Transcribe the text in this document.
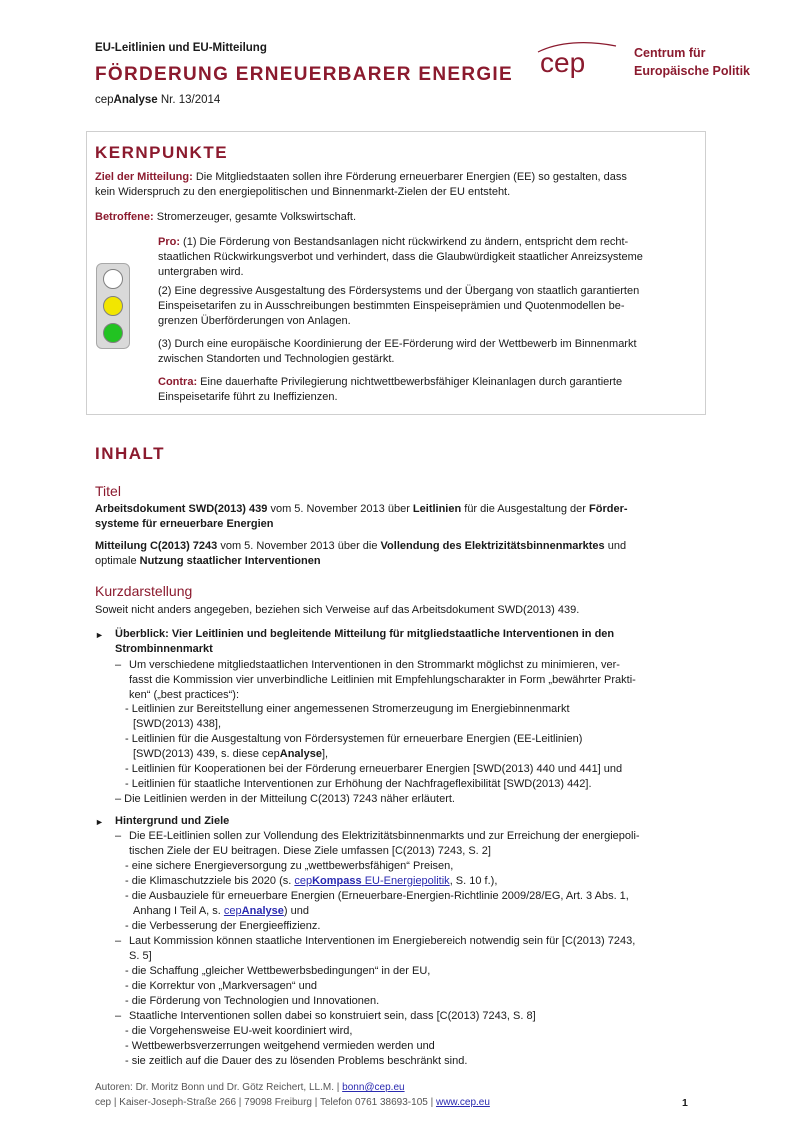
EU-Leitlinien und EU-Mitteilung
FÖRDERUNG ERNEUERBARER ENERGIE
cepAnalyse Nr. 13/2014
cep	Centrum für
Europäische Politik
KERNPUNKTE
Ziel der Mitteilung: Die Mitgliedstaaten sollen ihre Förderung erneuerbarer Energien (EE) so gestalten, dass
kein Widerspruch zu den energiepolitischen und Binnenmarkt-Zielen der EU entsteht.
Betroffene: Stromerzeuger, gesamte Volkswirtschaft.
Pro: (1) Die Förderung von Bestandsanlagen nicht rückwirkend zu ändern, entspricht dem recht-
staatlichen Rückwirkungsverbot und verhindert, dass die Glaubwürdigkeit staatlicher Anreizsysteme
untergraben wird.
(2) Eine degressive Ausgestaltung des Fördersystems und der Übergang von staatlich garantierten
Einspeisetarifen zu in Ausschreibungen bestimmten Einspeiseprämien und Quotenmodellen be-
grenzen Überförderungen von Anlagen.
(3) Durch eine europäische Koordinierung der EE-Förderung wird der Wettbewerb im Binnenmarkt
zwischen Standorten und Technologien gestärkt.
Contra: Eine dauerhafte Privilegierung nichtwettbewerbsfähiger Kleinanlagen durch garantierte
Einspeisetarife führt zu Ineffizienzen.
INHALT
Titel
Arbeitsdokument SWD(2013) 439 vom 5. November 2013 über Leitlinien für die Ausgestaltung der Förder-
systeme für erneuerbare Energien
Mitteilung C(2013) 7243 vom 5. November 2013 über die Vollendung des Elektrizitätsbinnenmarktes und
optimale Nutzung staatlicher Interventionen
Kurzdarstellung
Soweit nicht anders angegeben, beziehen sich Verweise auf das Arbeitsdokument SWD(2013) 439.
► Überblick: Vier Leitlinien und begleitende Mitteilung für mitgliedstaatliche Interventionen in den
Strombinnenmarkt
– Um verschiedene mitgliedstaatlichen Interventionen in den Strommarkt möglichst zu minimieren, ver-
fasst die Kommission vier unverbindliche Leitlinien mit Empfehlungscharakter in Form „bewährter Prakti-
ken“ („best practices“):
- Leitlinien zur Bereitstellung einer angemessenen Stromerzeugung im Energiebinnenmarkt
[SWD(2013) 438],
- Leitlinien für die Ausgestaltung von Fördersystemen für erneuerbare Energien (EE-Leitlinien)
[SWD(2013) 439, s. diese cepAnalyse],
- Leitlinien für Kooperationen bei der Förderung erneuerbarer Energien [SWD(2013) 440 und 441] und
- Leitlinien für staatliche Interventionen zur Erhöhung der Nachfrageflexibilität [SWD(2013) 442].
– Die Leitlinien werden in der Mitteilung C(2013) 7243 näher erläutert.
► Hintergrund und Ziele
– Die EE-Leitlinien sollen zur Vollendung des Elektrizitätsbinnenmarkts und zur Erreichung der energiepoli-
tischen Ziele der EU beitragen. Diese Ziele umfassen [C(2013) 7243, S. 2]
- eine sichere Energieversorgung zu „wettbewerbsfähigen“ Preisen,
- die Klimaschutzziele bis 2020 (s. cepKompass EU-Energiepolitik, S. 10 f.),
- die Ausbauziele für erneuerbare Energien (Erneuerbare-Energien-Richtlinie 2009/28/EG, Art. 3 Abs. 1,
Anhang I Teil A, s. cepAnalyse) und
- die Verbesserung der Energieeffizienz.
– Laut Kommission können staatliche Interventionen im Energiebereich notwendig sein für [C(2013) 7243,
S. 5]
- die Schaffung „gleicher Wettbewerbsbedingungen“ in der EU,
- die Korrektur von „Markversagen“ und
- die Förderung von Technologien und Innovationen.
– Staatliche Interventionen sollen dabei so konstruiert sein, dass [C(2013) 7243, S. 8]
- die Vorgehensweise EU-weit koordiniert wird,
- Wettbewerbsverzerrungen weitgehend vermieden werden und
- sie zeitlich auf die Dauer des zu lösenden Problems beschränkt sind.
Autoren: Dr. Moritz Bonn und Dr. Götz Reichert, LL.M. | bonn@cep.eu
cep | Kaiser-Joseph-Straße 266 | 79098 Freiburg | Telefon 0761 38693-105 | www.cep.eu	1
